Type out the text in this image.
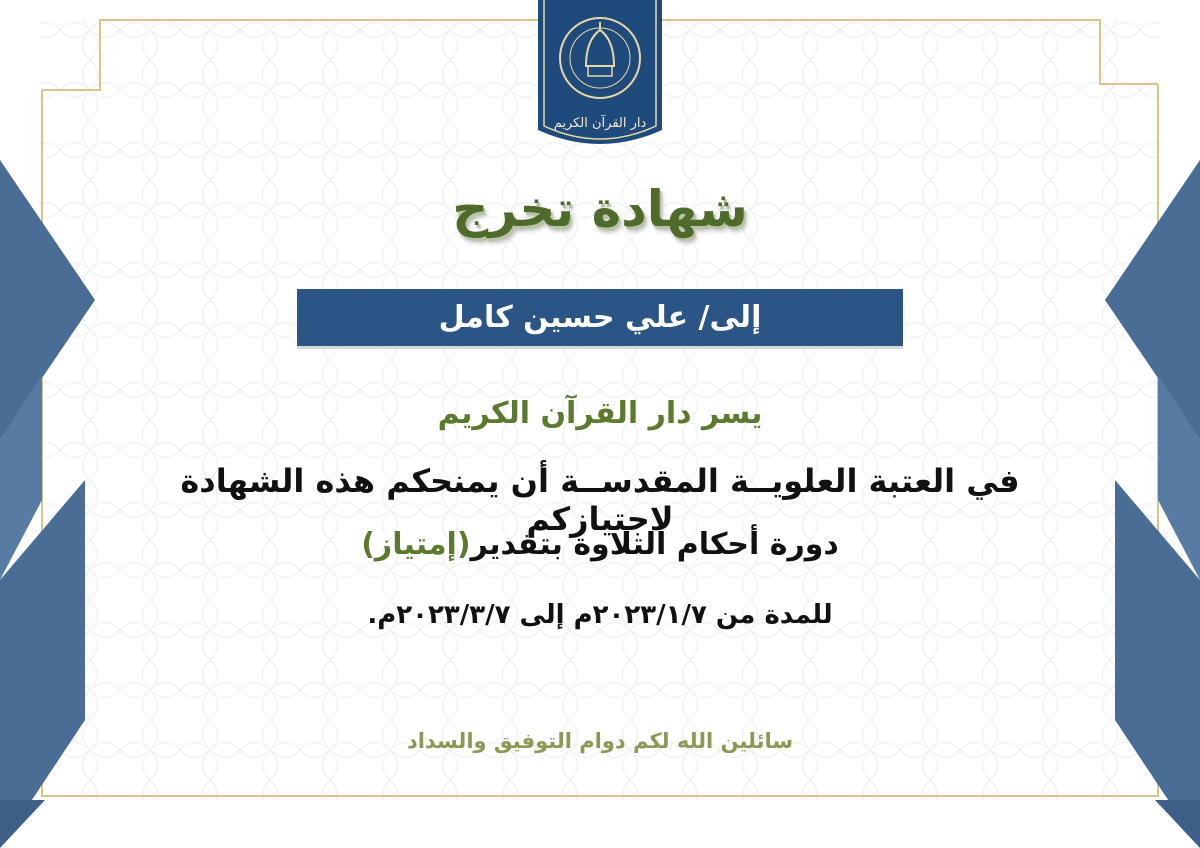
دار القرآن الكريم
شهادة تخرج
إلى/ علي حسين كامل
يسر دار القرآن الكريم
في العتبة العلويــة المقدســة أن يمنحكم هذه الشهادة لاجتيازكم
دورة أحكام التلاوة بتقدير(إمتياز)
للمدة من ٢٠٢٣/١/٧م إلى ٢٠٢٣/٣/٧م.
سائلين الله لكم دوام التوفيق والسداد
